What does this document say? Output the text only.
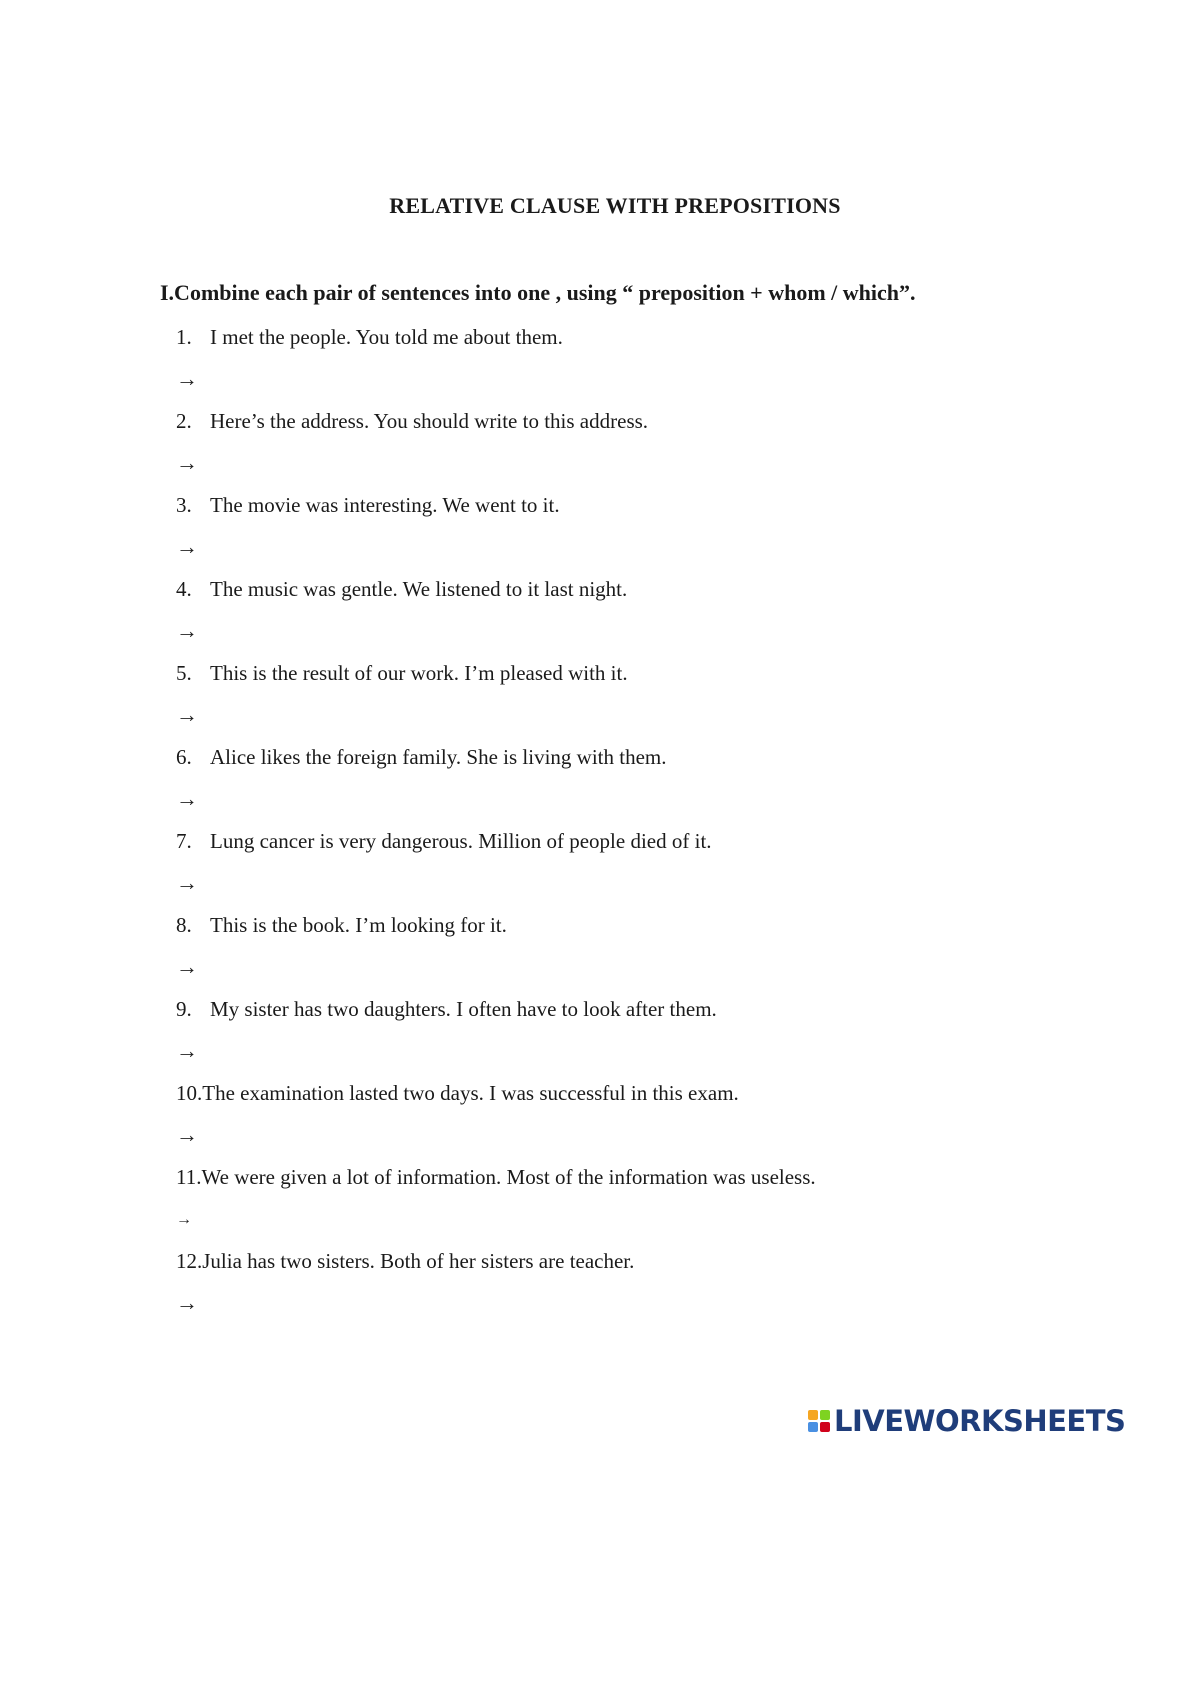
RELATIVE CLAUSE WITH PREPOSITIONS
I.Combine each pair of sentences into one , using “ preposition + whom / which”.
1. I met the people. You told me about them.
→
2. Here’s the address. You should write to this address.
→
3. The movie was interesting. We went to it.
→
4. The music was gentle. We listened to it last night.
→
5. This is the result of our work. I’m pleased with it.
→
6. Alice likes the foreign family. She is living with them.
→
7. Lung cancer is very dangerous. Million of people died of it.
→
8. This is the book. I’m looking for it.
→
9. My sister has two daughters. I often have to look after them.
→
10.The examination lasted two days. I was successful in this exam.
→
11.We were given a lot of information. Most of the information was useless.
→
12.Julia has two sisters. Both of her sisters are teacher.
→
LIVEWORKSHEETS
